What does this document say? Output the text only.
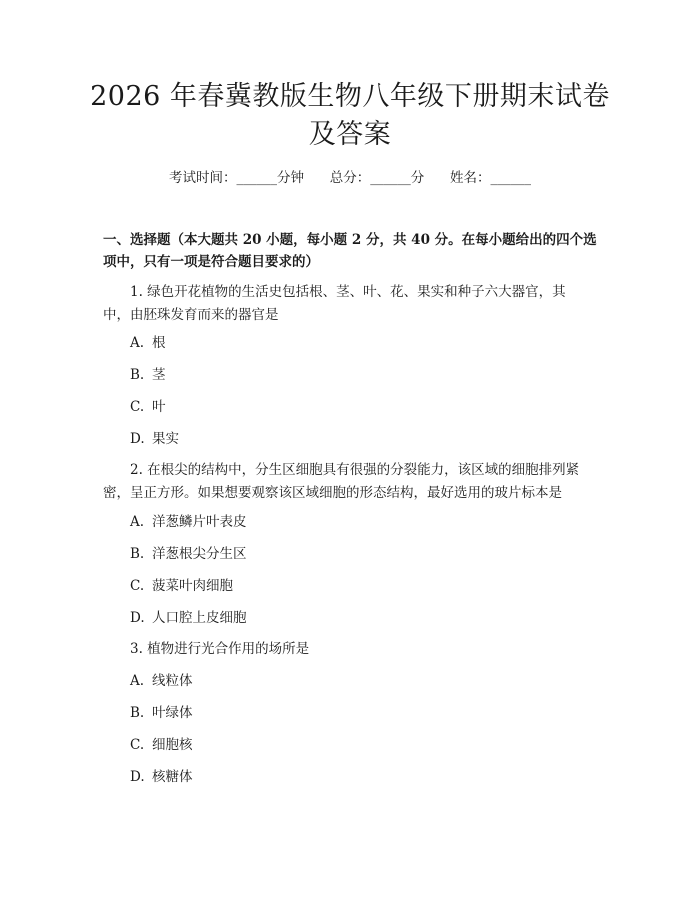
2026 年春冀教版生物八年级下册期末试卷及答案
考试时间：______分钟      总分：______分      姓名：______

一、选择题（本大题共 20 小题，每小题 2 分，共 40 分。在每小题给出的四个选项中，只有一项是符合题目要求的）

1. 绿色开花植物的生活史包括根、茎、叶、花、果实和种子六大器官，其中，由胚珠发育而来的器官是

A. 根
B. 茎
C. 叶
D. 果实

2. 在根尖的结构中，分生区细胞具有很强的分裂能力，该区域的细胞排列紧密，呈正方形。如果想要观察该区域细胞的形态结构，最好选用的玻片标本是

A. 洋葱鳞片叶表皮
B. 洋葱根尖分生区
C. 菠菜叶肉细胞
D. 人口腔上皮细胞

3. 植物进行光合作用的场所是

A. 线粒体
B. 叶绿体
C. 细胞核
D. 核糖体
